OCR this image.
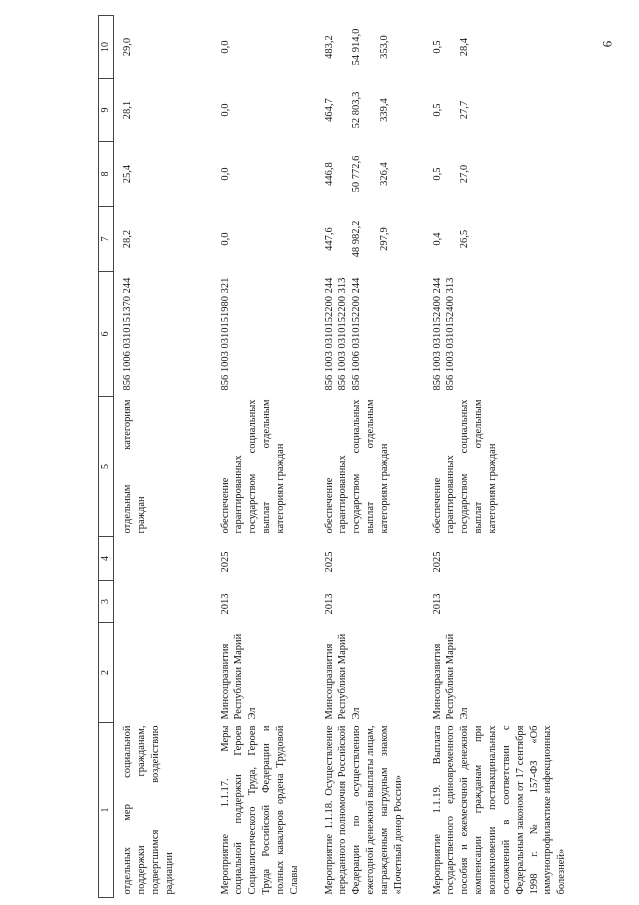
6
1	2	3	4	5	6	7	8	9	10
отдельных мер социальной поддержки гражданам, подвергшимся воздействию радиации				отдельным категориям граждан	856 1006 0310151370 244	28,2	25,4	28,1	29,0

Мероприятие 1.1.17. Меры социальной поддержки Героев Социалистического Труда, Героев Труда Российской Федерации и полных кавалеров ордена Трудовой Славы	Минсоцразвития Республики Марий Эл	2013	2025	обеспечение гарантированных государством социальных выплат отдельным категориям граждан	856 1003 0310151980 321	0,0	0,0	0,0	0,0

Мероприятие 1.1.18. Осуществление переданного полномочия Российской Федерации по осуществлению ежегодной денежной выплаты лицам, награжденным нагрудным знаком «Почетный донор России»	Минсоцразвития Республики Марий Эл	2013	2025	обеспечение гарантированных государством социальных выплат отдельным категориям граждан	856 1003 0310152200 244 856 1003 0310152200 313 856 1006 0310152200 244	447,6 48 982,2 297,9	446,8 50 772,6 326,4	464,7 52 803,3 339,4	483,2 54 914,0 353,0

Мероприятие 1.1.19. Выплата государственного единовременного пособия и ежемесячной денежной компенсации гражданам при возникновении поствакцинальных осложнений в соответствии с Федеральным законом от 17 сентября 1998 г. № 157-ФЗ «Об иммунопрофилактике инфекционных болезней»	Минсоцразвития Республики Марий Эл	2013	2025	обеспечение гарантированных государством социальных выплат отдельным категориям граждан	856 1003 0310152400 244 856 1003 0310152400 313	0,4 26,5	0,5 27,0	0,5 27,7	0,5 28,4
